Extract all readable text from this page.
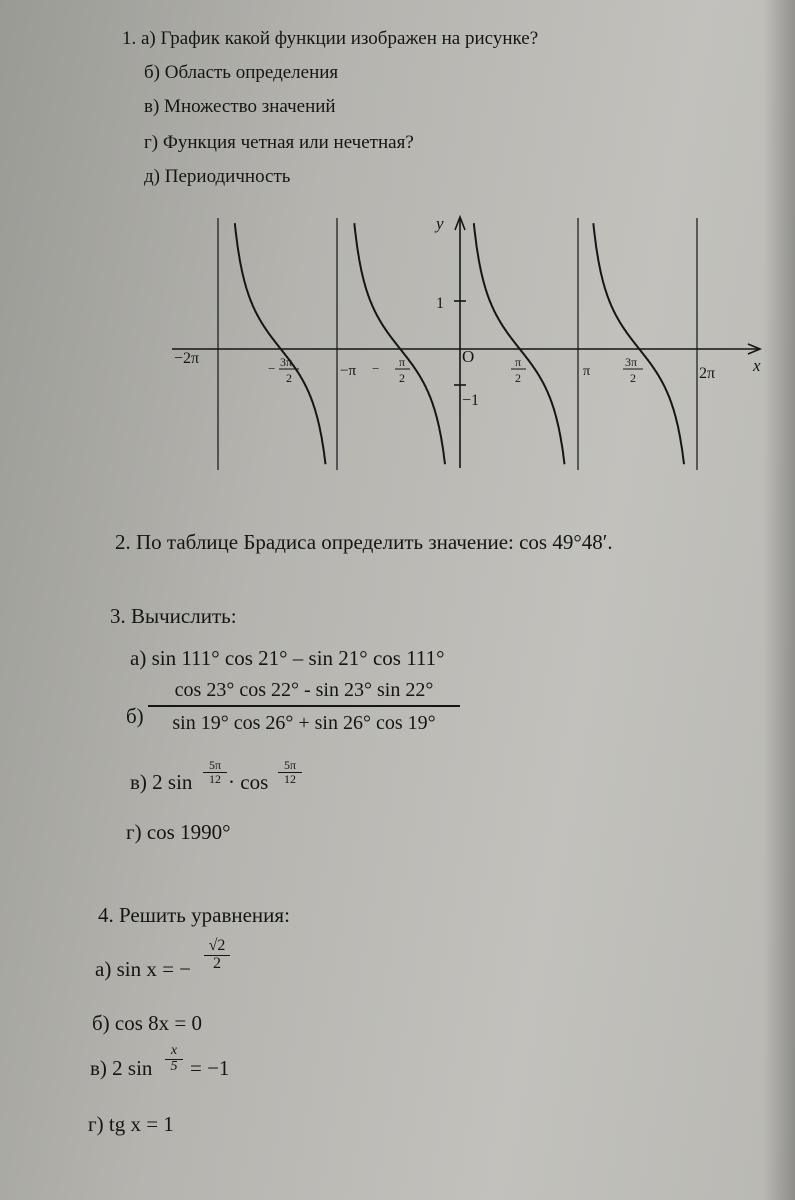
1. а) График какой функции изображен на рисунке?
б) Область определения
в) Множество значений
г) Функция четная или нечетная?
д) Периодичность
y
x
O
1
−1
−2π
−π	π	2π
− 3π
2
− π
2
π
2
3π
2
2. По таблице Брадиса определить значение: cos 49°48′.
3. Вычислить:
а) sin 111° cos 21° – sin 21° cos 111°
$б) \frac{\cos 23^\circ \cos 22^\circ - \sin 23^\circ \sin 22^\circ}{\sin 19^\circ \cos 26^\circ + \sin 26^\circ \cos 19^\circ}$
в) 2 $\sin \frac{5\pi}{12} \cdot \cos \frac{5\pi}{12}$
г) cos 1990°
4. Решить уравнения:
а) sin x = − $\frac{√2}{2}$
б) cos 8x = 0
в) 2 $\sin \frac{x}{5} = -1$
г) tg x = 1
